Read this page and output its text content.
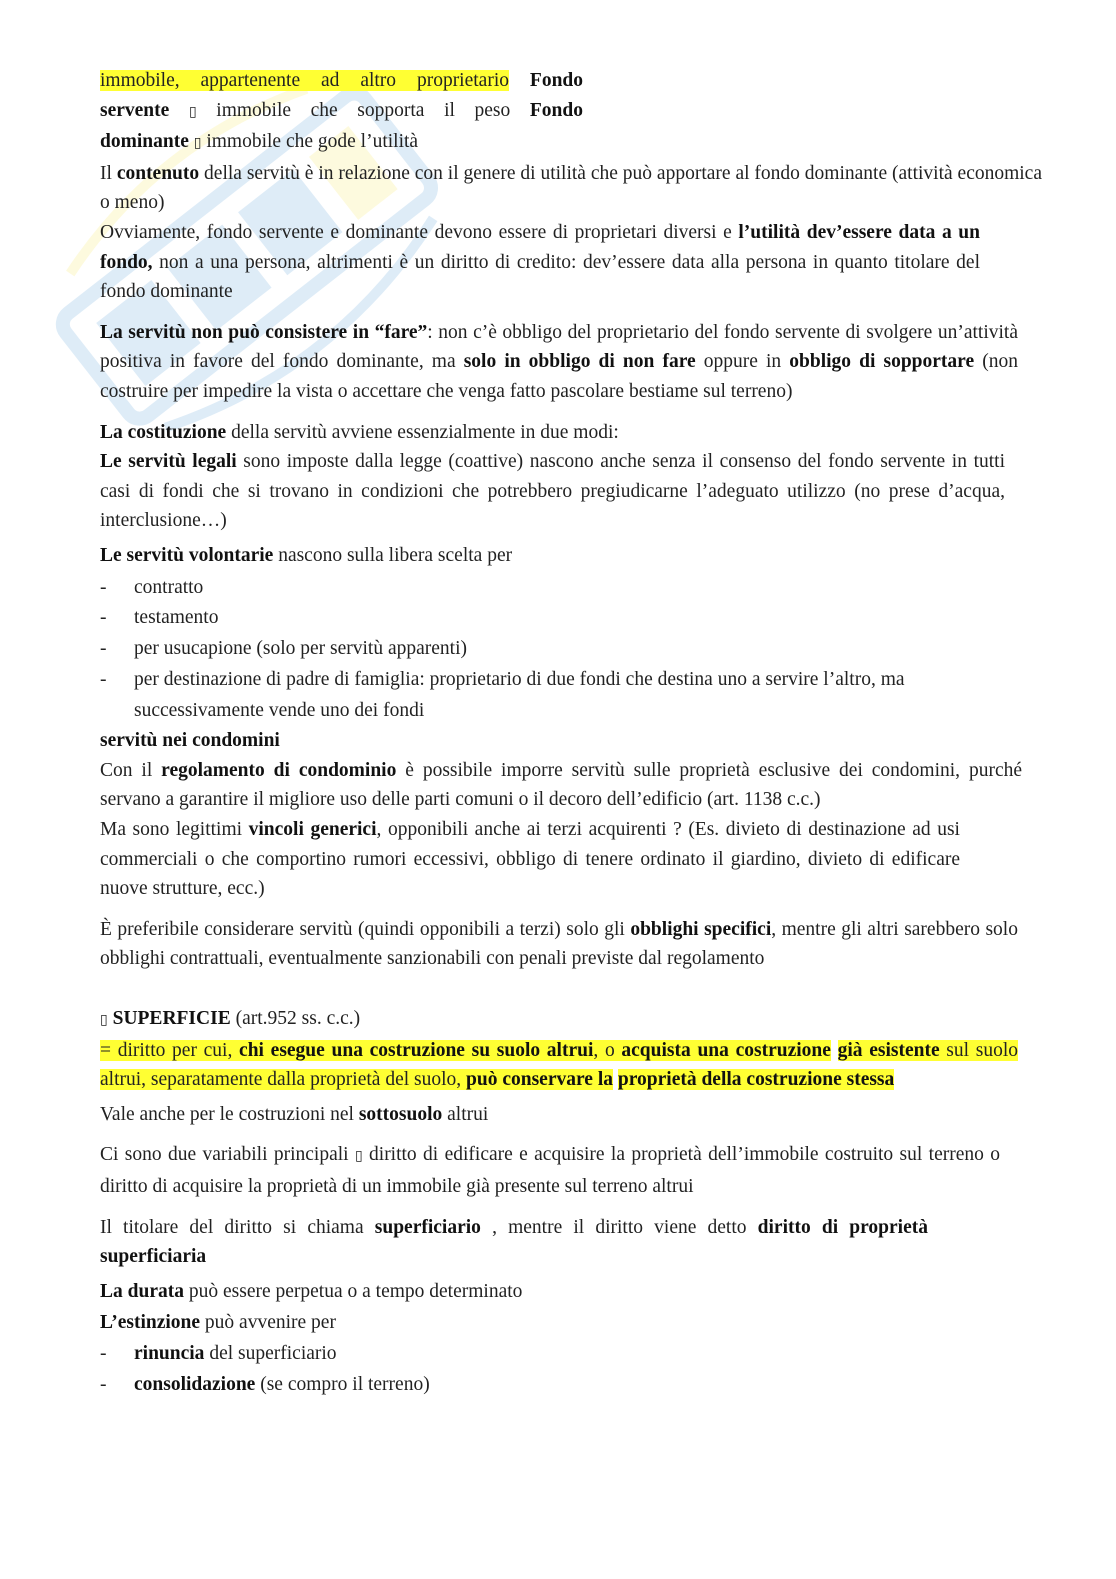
immobile, appartenente ad altro proprietario Fondo

servente ▯ immobile che sopporta il peso Fondo

dominante ▯ immobile che gode l’utilità

Il contenuto della servitù è in relazione con il genere di utilità che può apportare al fondo dominante (attività economica o meno)

Ovviamente, fondo servente e dominante devono essere di proprietari diversi e l’utilità dev’essere data a un fondo, non a una persona, altrimenti è un diritto di credito: dev’essere data alla persona in quanto titolare del fondo dominante

La servitù non può consistere in “fare”: non c’è obbligo del proprietario del fondo servente di svolgere un’attività positiva in favore del fondo dominante, ma solo in obbligo di non fare oppure in obbligo di sopportare (non costruire per impedire la vista o accettare che venga fatto pascolare bestiame sul terreno)

La costituzione della servitù avviene essenzialmente in due modi:

Le servitù legali sono imposte dalla legge (coattive) nascono anche senza il consenso del fondo servente in tutti casi di fondi che si trovano in condizioni che potrebbero pregiudicarne l’adeguato utilizzo (no prese d’acqua, interclusione…)

Le servitù volontarie nascono sulla libera scelta per

- contratto

- testamento

- per usucapione (solo per servitù apparenti)

- per destinazione di padre di famiglia: proprietario di due fondi che destina uno a servire l’altro, ma successivamente vende uno dei fondi

servitù nei condomini

Con il regolamento di condominio è possibile imporre servitù sulle proprietà esclusive dei condomini, purché servano a garantire il migliore uso delle parti comuni o il decoro dell’edificio (art. 1138 c.c.)

Ma sono legittimi vincoli generici, opponibili anche ai terzi acquirenti ? (Es. divieto di destinazione ad usi commerciali o che comportino rumori eccessivi, obbligo di tenere ordinato il giardino, divieto di edificare nuove strutture, ecc.)

È preferibile considerare servitù (quindi opponibili a terzi) solo gli obblighi specifici, mentre gli altri sarebbero solo obblighi contrattuali, eventualmente sanzionabili con penali previste dal regolamento

▯ SUPERFICIE (art.952 ss. c.c.)

= diritto per cui, chi esegue una costruzione su suolo altrui, o acquista una costruzione già esistente sul suolo altrui, separatamente dalla proprietà del suolo, può conservare la proprietà della costruzione stessa

Vale anche per le costruzioni nel sottosuolo altrui

Ci sono due variabili principali ▯ diritto di edificare e acquisire la proprietà dell’immobile costruito sul terreno o diritto di acquisire la proprietà di un immobile già presente sul terreno altrui

Il titolare del diritto si chiama superficiario , mentre il diritto viene detto diritto di proprietà superficiaria

La durata può essere perpetua o a tempo determinato

L’estinzione può avvenire per

- rinuncia del superficiario

- consolidazione (se compro il terreno)
